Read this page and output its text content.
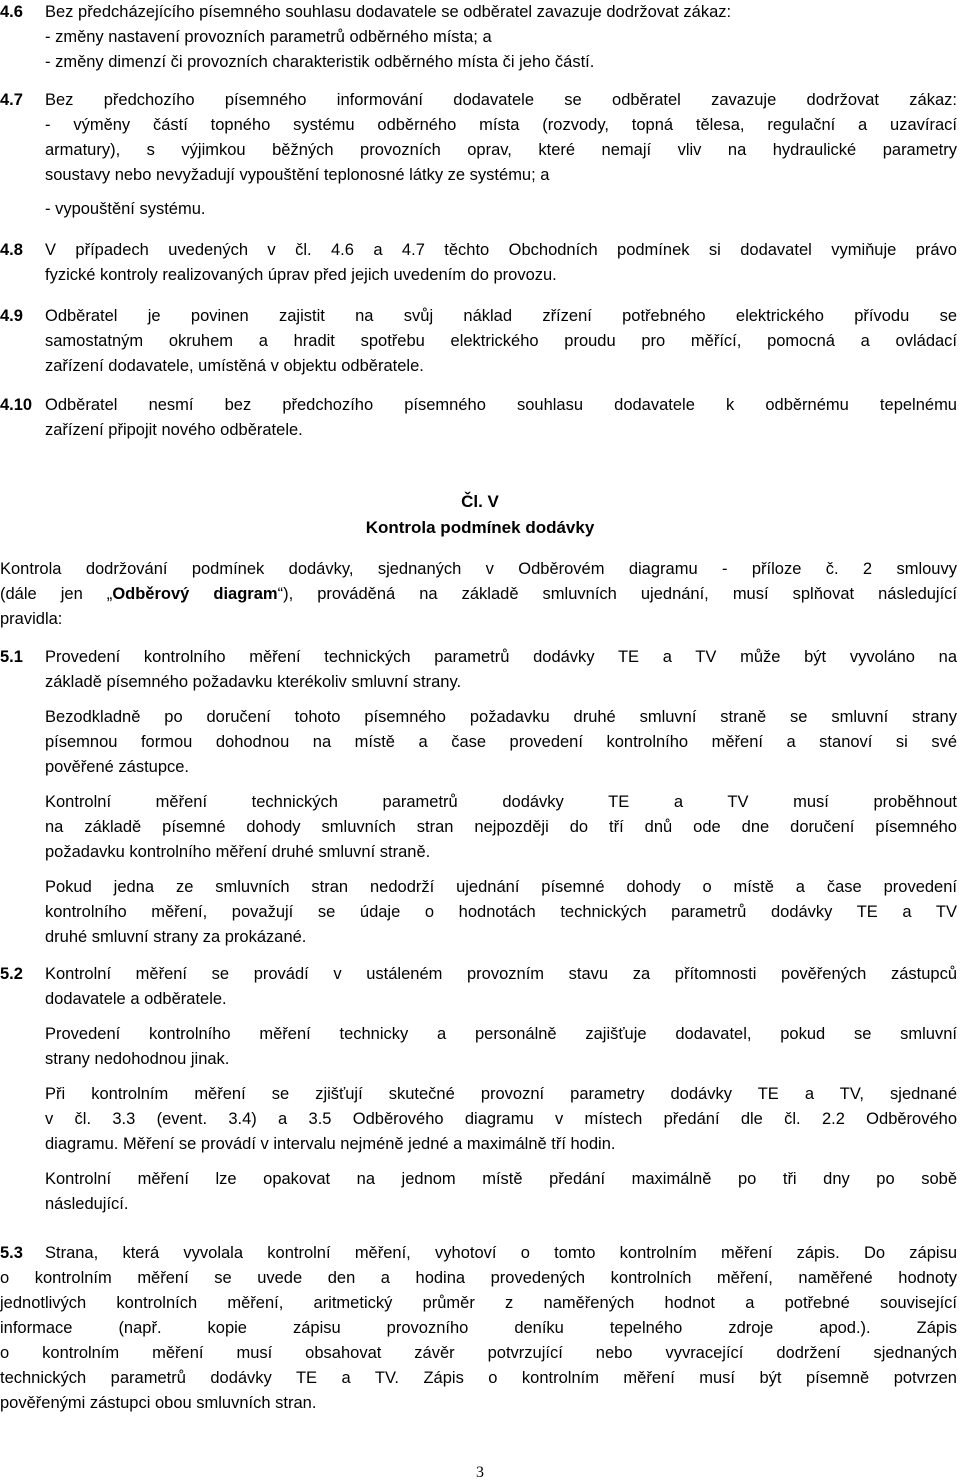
4.6 Bez předcházejícího písemného souhlasu dodavatele se odběratel zavazuje dodržovat zákaz:
- změny nastavení provozních parametrů odběrného místa; a
- změny dimenzí či provozních charakteristik odběrného místa či jeho částí.
4.7 Bez předchozího písemného informování dodavatele se odběratel zavazuje dodržovat zákaz:
- výměny částí topného systému odběrného místa (rozvody, topná tělesa, regulační a uzavírací
armatury), s výjimkou běžných provozních oprav, které nemají vliv na hydraulické parametry
soustavy nebo nevyžadují vypouštění teplonosné látky ze systému; a
- vypouštění systému.
4.8 V případech uvedených v čl. 4.6 a 4.7 těchto Obchodních podmínek si dodavatel vymiňuje právo
fyzické kontroly realizovaných úprav před jejich uvedením do provozu.
4.9 Odběratel je povinen zajistit na svůj náklad zřízení potřebného elektrického přívodu se
samostatným okruhem a hradit spotřebu elektrického proudu pro měřící, pomocná a ovládací
zařízení dodavatele, umístěná v objektu odběratele.
4.10 Odběratel nesmí bez předchozího písemného souhlasu dodavatele k odběrnému tepelnému
zařízení připojit nového odběratele.
Čl. V
Kontrola podmínek dodávky
Kontrola dodržování podmínek dodávky, sjednaných v Odběrovém diagramu - příloze č. 2 smlouvy
(dále jen „Odběrový diagram“), prováděná na základě smluvních ujednání, musí splňovat následující
pravidla:
5.1 Provedení kontrolního měření technických parametrů dodávky TE a TV může být vyvoláno na
základě písemného požadavku kterékoliv smluvní strany.
Bezodkladně po doručení tohoto písemného požadavku druhé smluvní straně se smluvní strany
písemnou formou dohodnou na místě a čase provedení kontrolního měření a stanoví si své
pověřené zástupce.
Kontrolní měření technických parametrů dodávky TE a TV musí proběhnout
na základě písemné dohody smluvních stran nejpozději do tří dnů ode dne doručení písemného
požadavku kontrolního měření druhé smluvní straně.
Pokud jedna ze smluvních stran nedodrží ujednání písemné dohody o místě a čase provedení
kontrolního měření, považují se údaje o hodnotách technických parametrů dodávky TE a TV
druhé smluvní strany za prokázané.
5.2 Kontrolní měření se provádí v ustáleném provozním stavu za přítomnosti pověřených zástupců
dodavatele a odběratele.
Provedení kontrolního měření technicky a personálně zajišťuje dodavatel, pokud se smluvní
strany nedohodnou jinak.
Při kontrolním měření se zjišťují skutečné provozní parametry dodávky TE a TV, sjednané
v čl. 3.3 (event. 3.4) a 3.5 Odběrového diagramu v místech předání dle čl. 2.2 Odběrového
diagramu. Měření se provádí v intervalu nejméně jedné a maximálně tří hodin.
Kontrolní měření lze opakovat na jednom místě předání maximálně po tři dny po sobě
následující.
5.3 Strana, která vyvolala kontrolní měření, vyhotoví o tomto kontrolním měření zápis. Do zápisu
o kontrolním měření se uvede den a hodina provedených kontrolních měření, naměřené hodnoty
jednotlivých kontrolních měření, aritmetický průměr z naměřených hodnot a potřebné související
informace (např. kopie zápisu provozního deníku tepelného zdroje apod.). Zápis
o kontrolním měření musí obsahovat závěr potvrzující nebo vyvracející dodržení sjednaných
technických parametrů dodávky TE a TV. Zápis o kontrolním měření musí být písemně potvrzen
pověřenými zástupci obou smluvních stran.
3
